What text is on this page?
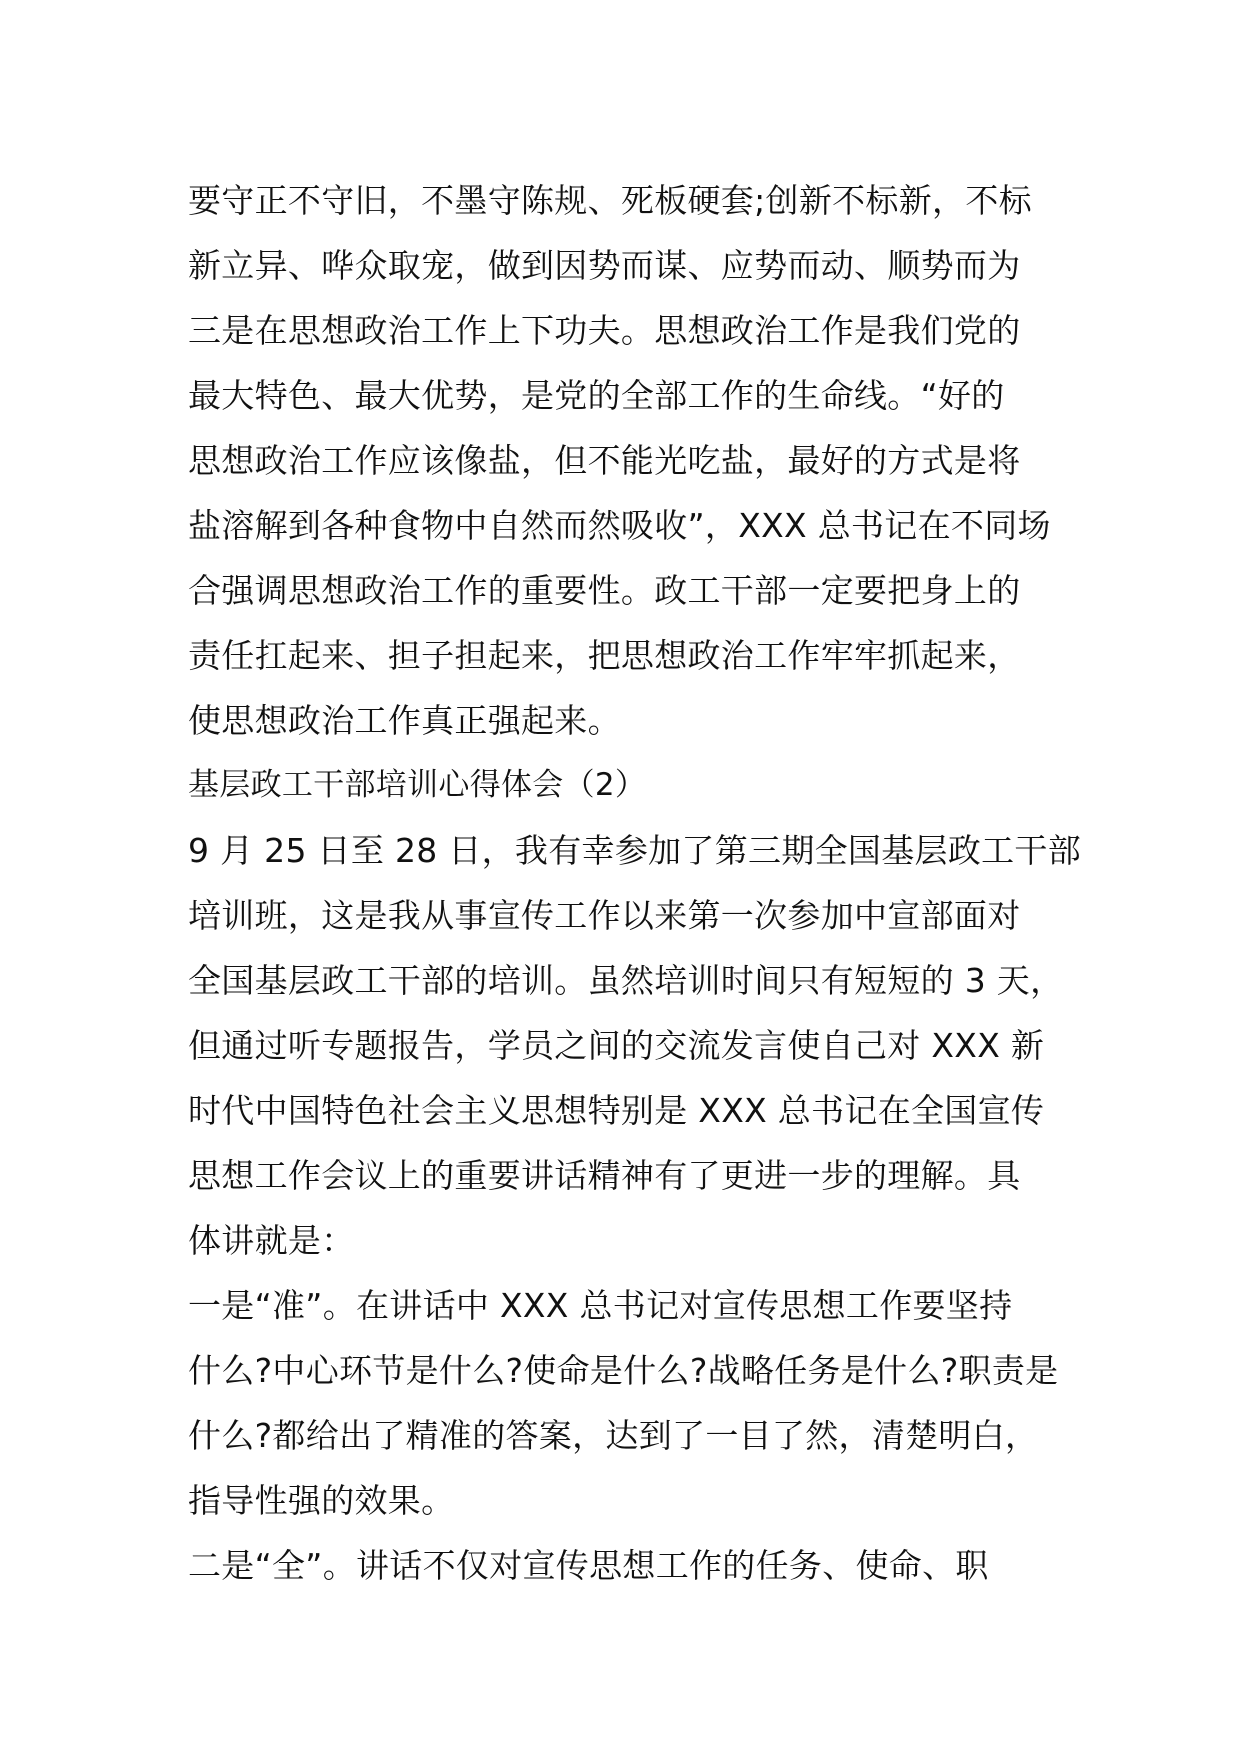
要守正不守旧，不墨守陈规、死板硬套;创新不标新，不标
新立异、哗众取宠，做到因势而谋、应势而动、顺势而为
三是在思想政治工作上下功夫。思想政治工作是我们党的
最大特色、最大优势，是党的全部工作的生命线。“好的
思想政治工作应该像盐，但不能光吃盐，最好的方式是将
盐溶解到各种食物中自然而然吸收”，XXX 总书记在不同场
合强调思想政治工作的重要性。政工干部一定要把身上的
责任扛起来、担子担起来，把思想政治工作牢牢抓起来，
使思想政治工作真正强起来。
基层政工干部培训心得体会（2）
9 月 25 日至 28 日，我有幸参加了第三期全国基层政工干部
培训班，这是我从事宣传工作以来第一次参加中宣部面对
全国基层政工干部的培训。虽然培训时间只有短短的 3 天，
但通过听专题报告，学员之间的交流发言使自己对 XXX 新
时代中国特色社会主义思想特别是 XXX 总书记在全国宣传
思想工作会议上的重要讲话精神有了更进一步的理解。具
体讲就是：
一是“准”。在讲话中 XXX 总书记对宣传思想工作要坚持
什么?中心环节是什么?使命是什么?战略任务是什么?职责是
什么?都给出了精准的答案，达到了一目了然，清楚明白，
指导性强的效果。
二是“全”。讲话不仅对宣传思想工作的任务、使命、职
